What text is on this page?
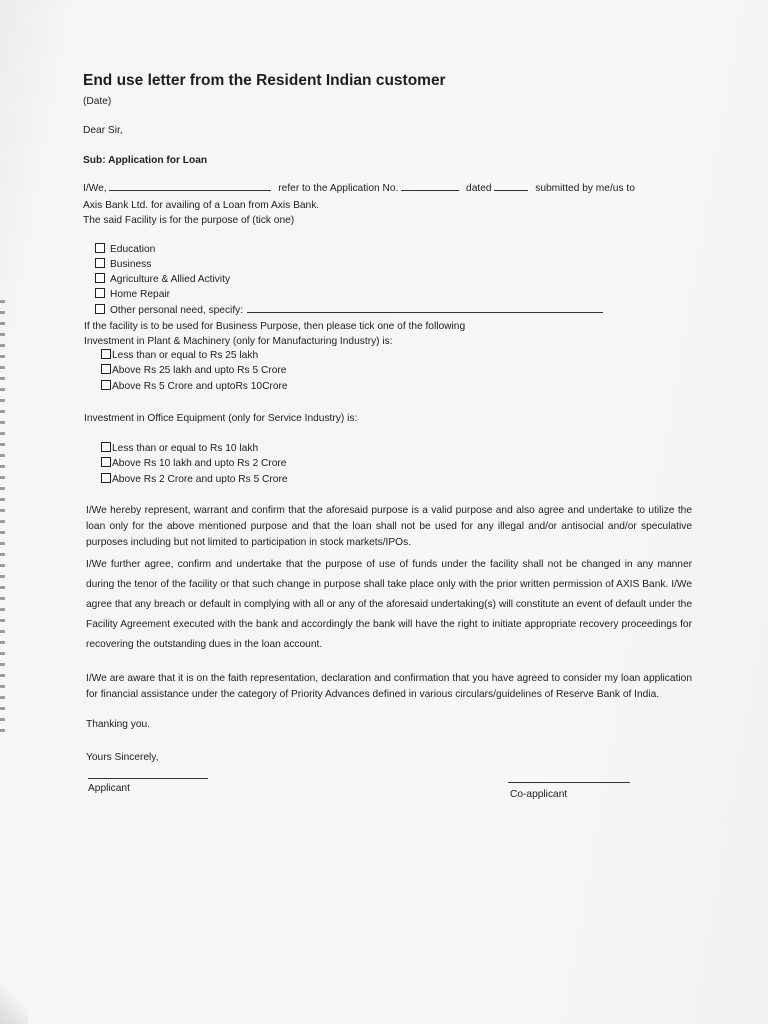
End use letter from the Resident Indian customer
(Date)
Dear Sir,
Sub: Application for Loan
I/We,	refer to the Application No.	dated	submitted by me/us to
Axis Bank Ltd. for availing of a Loan from Axis Bank.
The said Facility is for the purpose of (tick one)
Education
Business
Agriculture & Allied Activity
Home Repair
Other personal need, specify:
If the facility is to be used for Business Purpose, then please tick one of the following
Investment in Plant & Machinery (only for Manufacturing Industry) is:
Less than or equal to Rs 25 lakh
Above Rs 25 lakh and upto Rs 5 Crore
Above Rs 5 Crore and uptoRs 10Crore
Investment in Office Equipment (only for Service Industry) is:
Less than or equal to Rs 10 lakh
Above Rs 10 lakh and upto Rs 2 Crore
Above Rs 2 Crore and upto Rs 5 Crore
I/We hereby represent, warrant and confirm that the aforesaid purpose is a valid purpose and also agree and undertake to utilize the loan only for the above mentioned purpose and that the loan shall not be used for any illegal and/or antisocial and/or speculative purposes including but not limited to participation in stock markets/IPOs.
I/We further agree, confirm and undertake that the purpose of use of funds under the facility shall not be changed in any manner during the tenor of the facility or that such change in purpose shall take place only with the prior written permission of AXIS Bank. I/We agree that any breach or default in complying with all or any of the aforesaid undertaking(s) will constitute an event of default under the Facility Agreement executed with the bank and accordingly the bank will have the right to initiate appropriate recovery proceedings for recovering the outstanding dues in the loan account.
I/We are aware that it is on the faith representation, declaration and confirmation that you have agreed to consider my loan application for financial assistance under the category of Priority Advances defined in various circulars/guidelines of Reserve Bank of India.
Thanking you.
Yours Sincerely,
Applicant
Co-applicant
